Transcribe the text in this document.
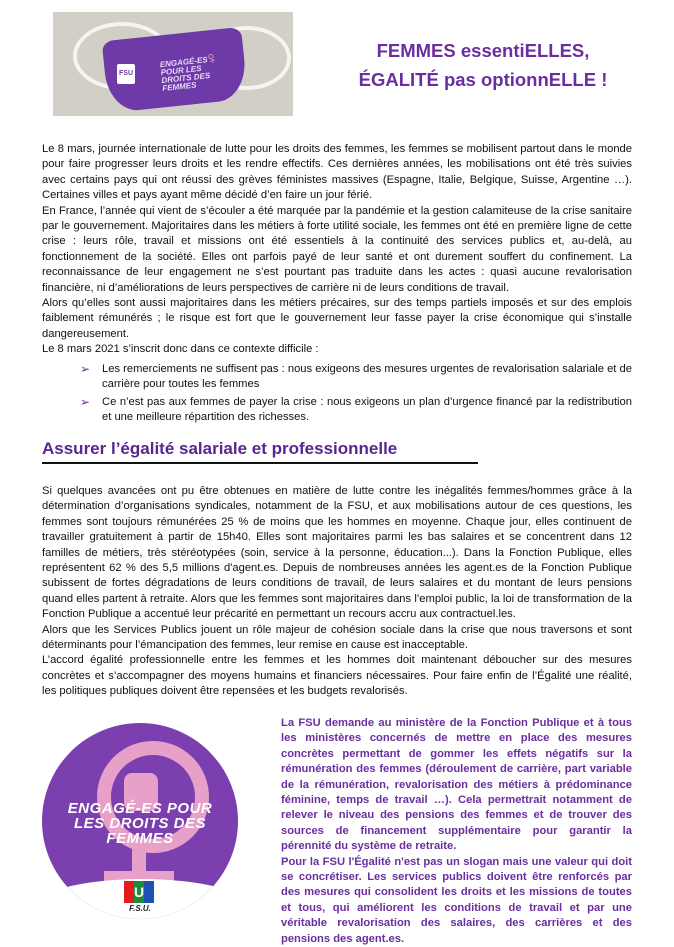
FSU
ENGAGÉ-ES POUR LES DROITS DES FEMMES
♀	FEMMES essentiELLES,
ÉGALITÉ pas optionnELLE !

Le 8 mars, journée internationale de lutte pour les droits des femmes, les femmes se mobilisent partout dans le monde pour faire progresser leurs droits et les rendre effectifs. Ces dernières années, les mobilisations ont été très suivies avec certains pays qui ont réussi des grèves féministes massives (Espagne, Italie, Belgique, Suisse, Argentine …). Certaines villes et pays ayant même décidé d’en faire un jour férié.

En France, l’année qui vient de s’écouler a été marquée par la pandémie et la gestion calamiteuse de la crise sanitaire par le gouvernement. Majoritaires dans les métiers à forte utilité sociale, les femmes ont été en première ligne de cette crise : leurs rôle, travail et missions ont été essentiels à la continuité des services publics et, au-delà, au fonctionnement de la société. Elles ont parfois payé de leur santé et ont durement souffert du confinement. La reconnaissance de leur engagement ne s’est pourtant pas traduite dans les actes : quasi aucune revalorisation financière, ni d’améliorations de leurs perspectives de carrière ni de leurs conditions de travail.

Alors qu’elles sont aussi majoritaires dans les métiers précaires, sur des temps partiels imposés et sur des emplois faiblement rémunérés ; le risque est fort que le gouvernement leur fasse payer la crise économique qui s’installe dangereusement.

Le 8 mars 2021 s’inscrit donc dans ce contexte difficile :

➢ Les remerciements ne suffisent pas : nous exigeons des mesures urgentes de revalorisation salariale et de carrière pour toutes les femmes
➢ Ce n’est pas aux femmes de payer la crise : nous exigeons un plan d’urgence financé par la redistribution et une meilleure répartition des richesses.
Assurer l’égalité salariale et professionnelle

Si quelques avancées ont pu être obtenues en matière de lutte contre les inégalités femmes/hommes grâce à la détermination d’organisations syndicales, notamment de la FSU, et aux mobilisations autour de ces questions, les femmes sont toujours rémunérées 25 % de moins que les hommes en moyenne. Chaque jour, elles continuent de travailler gratuitement à partir de 15h40. Elles sont majoritaires parmi les bas salaires et se concentrent dans 12 familles de métiers, très stéréotypées (soin, service à la personne, éducation...). Dans la Fonction Publique, elles représentent 62 % des 5,5 millions d'agent.es. Depuis de nombreuses années les agent.es de la Fonction Publique subissent de fortes dégradations de leurs conditions de travail, de leurs salaires et du montant de leurs pensions quand elles partent à retraite. Alors que les femmes sont majoritaires dans l’emploi public, la loi de transformation de la Fonction Publique a accentué leur précarité en permettant un recours accru aux contractuel.les.

Alors que les Services Publics jouent un rôle majeur de cohésion sociale dans la crise que nous traversons et sont déterminants pour l’émancipation des femmes, leur remise en cause est inacceptable.

L’accord égalité professionnelle entre les femmes et les hommes doit maintenant déboucher sur des mesures concrètes et s’accompagner des moyens humains et financiers nécessaires. Pour faire enfin de l’Égalité une réalité, les politiques publiques doivent être repensées et les budgets revalorisés.

ENGAGÉ-ES POUR LES DROITS DES FEMMES
U
F.S.U.

La FSU demande au ministère de la Fonction Publique et à tous les ministères concernés de mettre en place des mesures concrètes permettant de gommer les effets négatifs sur la rémunération des femmes (déroulement de carrière, part variable de la rémunération, revalorisation des métiers à prédominance féminine, temps de travail …). Cela permettrait notamment de relever le niveau des pensions des femmes et de trouver des sources de financement supplémentaire pour garantir la pérennité du système de retraite.

Pour la FSU l'Égalité n'est pas un slogan mais une valeur qui doit se concrétiser. Les services publics doivent être renforcés par des mesures qui consolident les droits et les missions de toutes et tous, qui améliorent les conditions de travail et par une véritable revalorisation des salaires, des carrières et des pensions des agent.es.
